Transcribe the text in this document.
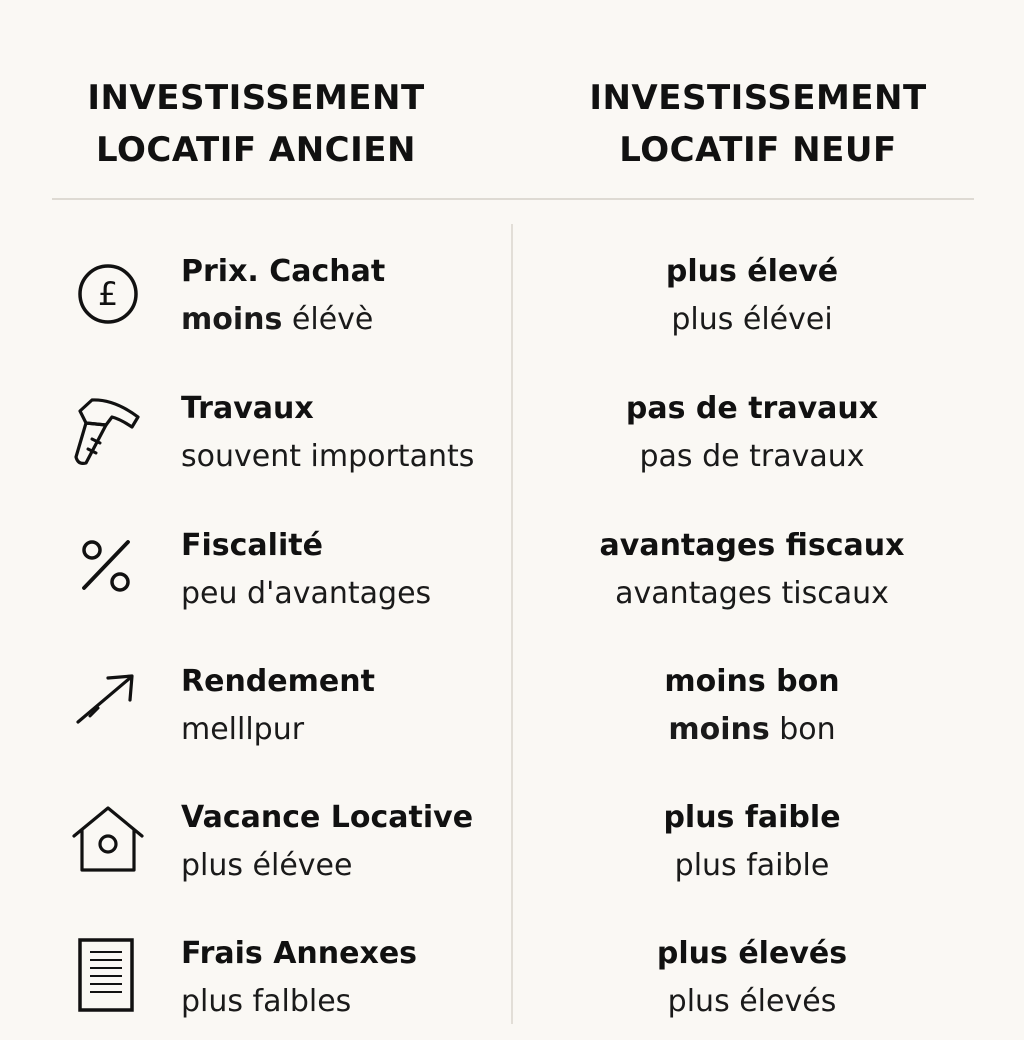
INVESTISSEMENT
LOCATIF ANCIEN
INVESTISSEMENT
LOCATIF NEUF
£
Prix. Cachat
moins élévè
plus élevé
plus élévei
Travaux
souvent importants
pas de travaux
pas de travaux
Fiscalité
peu d'avantages
avantages fiscaux
avantages tiscaux
Rendement
melllpur
moins bon
moins bon
Vacance Locative
plus élévee
plus faible
plus faible
Frais Annexes
plus falbles
plus élevés
plus élevés
